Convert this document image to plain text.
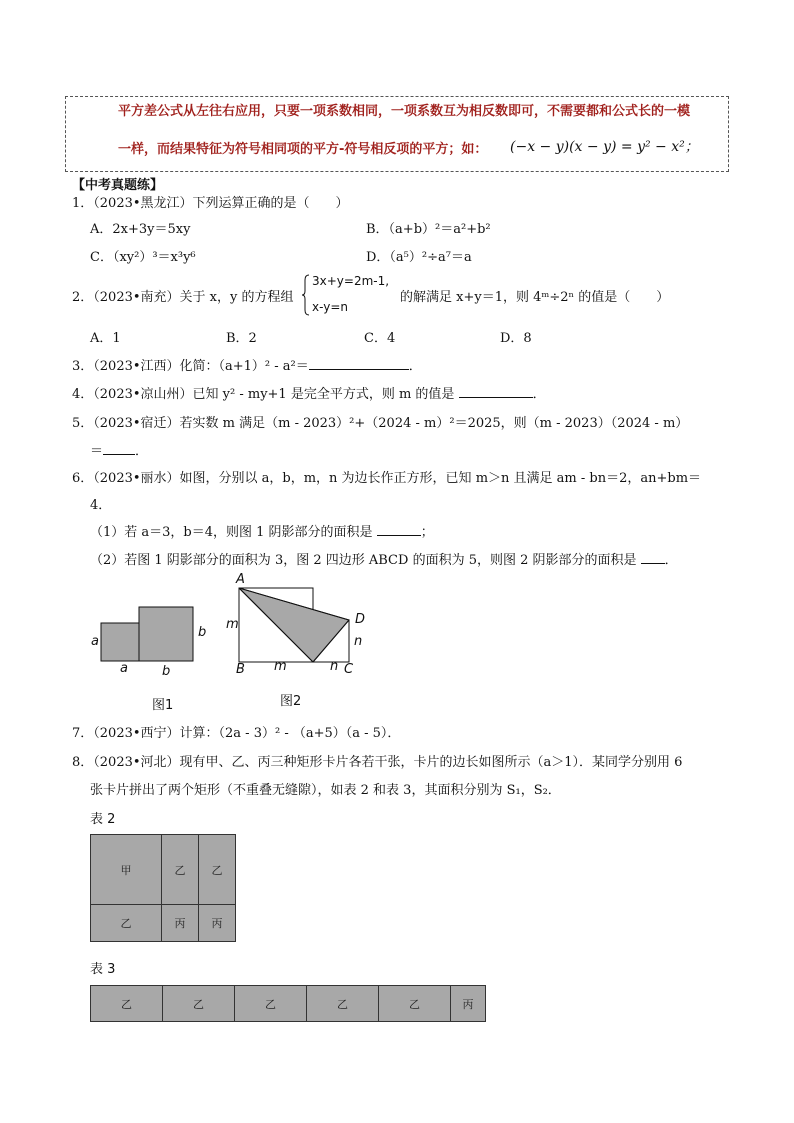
平方差公式从左往右应用，只要一项系数相同，一项系数互为相反数即可，不需要都和公式长的一模
一样，而结果特征为符号相同项的平方-符号相反项的平方；如： (−x − y)(x − y) = y² − x²；
【中考真题练】
1．（2023•黑龙江）下列运算正确的是（　　）
A．2x+3y＝5xy	B．（a+b）²＝a²+b²
C．（xy²）³＝x³y⁶	D．（a⁵）²÷a⁷＝a
2．（2023•南充）关于 x，y 的方程组
3x+y=2m-1,
x-y=n
的解满足 x+y＝1，则 4ᵐ÷2ⁿ 的值是（　　）
A．1	B．2	C．4	D．8
3．（2023•江西）化简：（a+1）² - a²＝	．
4．（2023•凉山州）已知 y² - my+1 是完全平方式，则 m 的值是	．
5．（2023•宿迁）若实数 m 满足（m - 2023）²+（2024 - m）²＝2025，则（m - 2023）（2024 - m）
＝ ．
6．（2023•丽水）如图，分别以 a，b，m，n 为边长作正方形，已知 m＞n 且满足 am - bn＝2，an+bm＝
4．
（1）若 a＝3，b＝4，则图 1 阴影部分的面积是	；
（2）若图 1 阴影部分的面积为 3，图 2 四边形 ABCD 的面积为 5，则图 2 阴影部分的面积是 ．
a
a
b
b
图1
A
m
B m	n C
D
n
图2
7．（2023•西宁）计算：（2a - 3）² - （a+5）（a - 5）．
8．（2023•河北）现有甲、乙、丙三种矩形卡片各若干张，卡片的边长如图所示（a＞1）．某同学分别用 6
张卡片拼出了两个矩形（不重叠无缝隙），如表 2 和表 3，其面积分别为 S₁，S₂．
表 2
甲	乙	乙
乙	丙	丙
表 3
乙	乙	乙	乙	乙	丙
